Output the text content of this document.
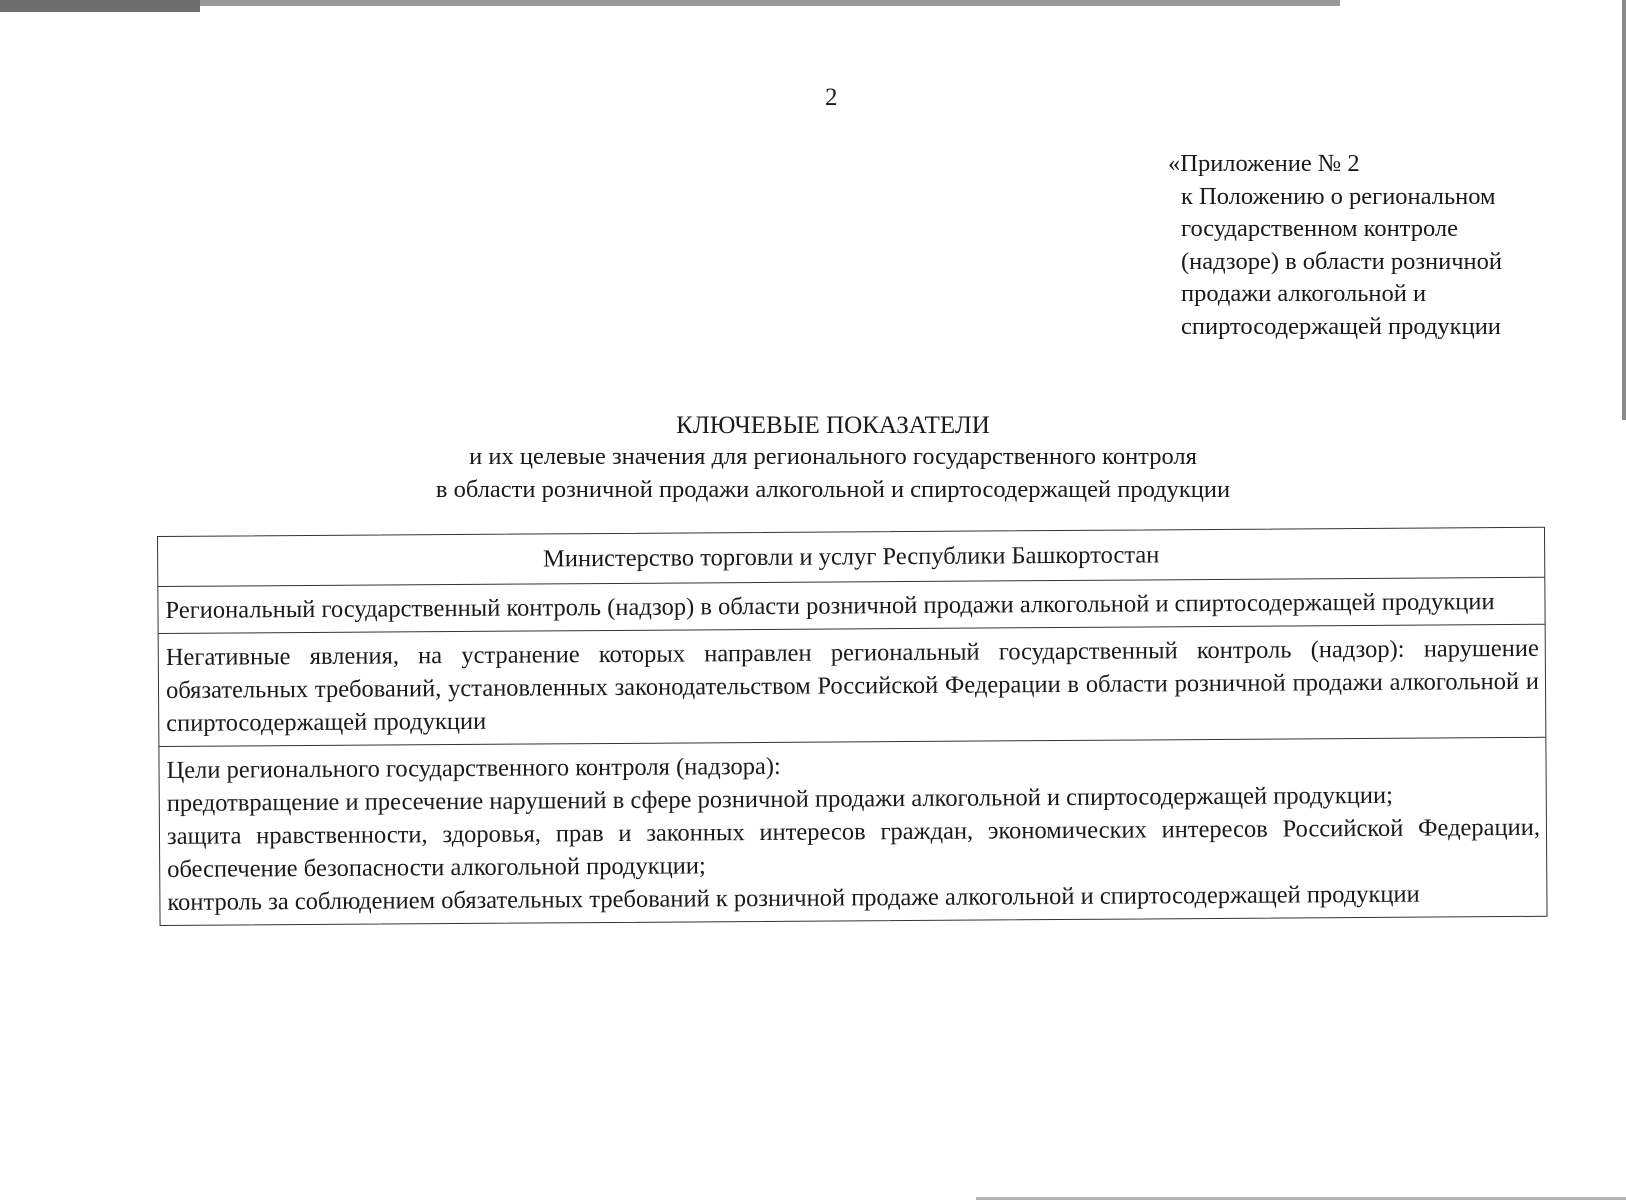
2
«Приложение № 2
к Положению о региональном
государственном контроле
(надзоре) в области розничной
продажи алкогольной и
спиртосодержащей продукции
КЛЮЧЕВЫЕ ПОКАЗАТЕЛИ
и их целевые значения для регионального государственного контроля
в области розничной продажи алкогольной и спиртосодержащей продукции
Министерство торговли и услуг Республики Башкортостан
Региональный государственный контроль (надзор) в области розничной продажи алкогольной и спиртосодержащей продукции
Негативные явления, на устранение которых направлен региональный государственный контроль (надзор): нарушение обязательных требований, установленных законодательством Российской Федерации в области розничной продажи алкогольной и спиртосодержащей продукции

Цели регионального государственного контроля (надзора):

предотвращение и пресечение нарушений в сфере розничной продажи алкогольной и спиртосодержащей продукции;

защита нравственности, здоровья, прав и законных интересов граждан, экономических интересов Российской Федерации, обеспечение безопасности алкогольной продукции;

контроль за соблюдением обязательных требований к розничной продаже алкогольной и спиртосодержащей продукции
